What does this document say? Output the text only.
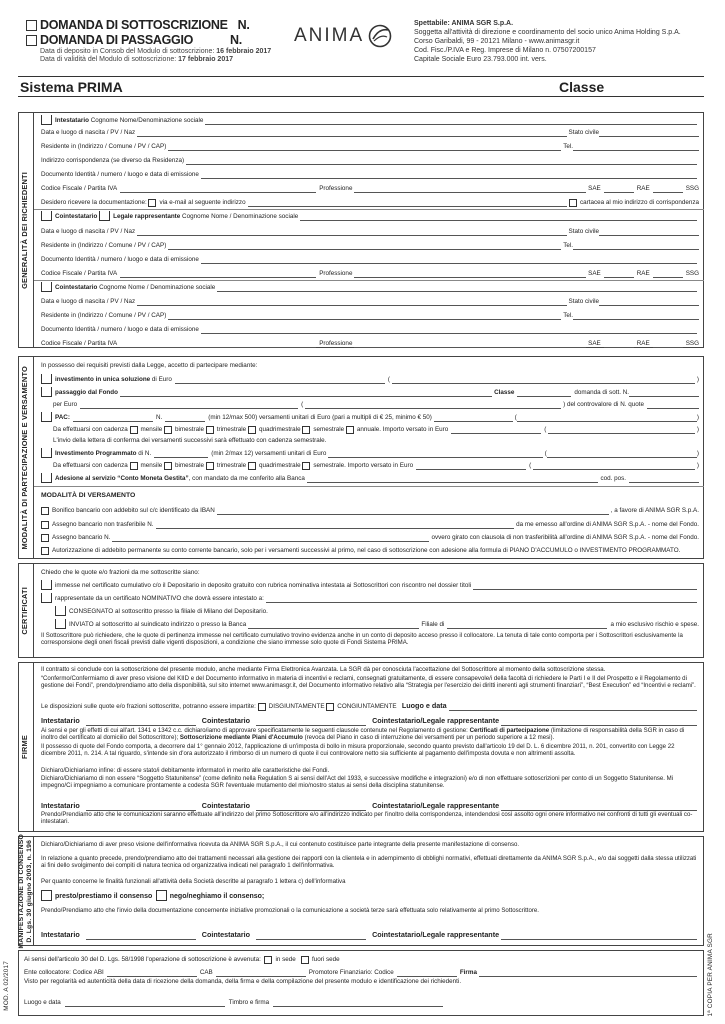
DOMANDA DI SOTTOSCRIZIONE N.
DOMANDA DI PASSAGGIO	N.
Data di deposito in Consob del Modulo di sottoscrizione: 16 febbraio 2017
Data di validità del Modulo di sottoscrizione: 17 febbraio 2017
ANIMA
Spettabile: ANIMA SGR S.p.A.
Soggetta all'attività di direzione e coordinamento del socio unico Anima Holding S.p.A.
Corso Garibaldi, 99 - 20121 Milano - www.animasgr.it
Cod. Fisc./P.IVA e Reg. Imprese di Milano n. 07507200157
Capitale Sociale Euro 23.793.000 int. vers.
Sistema PRIMA	Classe
GENERALITÀ DEI RICHIEDENTI
MODALITÀ DI PARTECIPAZIONE E VERSAMENTO
CERTIFICATI
FIRME
MANIFESTAZIONE DI CONSENSO
D. Lgs. 30 giugno 2003, n. 196
MOD. A 02/2017	1ª COPIA PER ANIMA SGR
Intestatario
Cognome Nome/Denominazione sociale
Data e luogo di nascita / PV / Naz	Stato civile
Residente in (Indirizzo / Comune / PV / CAP)	Tel.
Indirizzo corrispondenza (se diverso da Residenza)
Documento Identità / numero / luogo e data di emissione
Codice Fiscale / Partita IVA	Professione	SAE	RAE	SSG
Desidero ricevere la documentazione:
via e-mail al seguente indirizzo	cartacea al mio indirizzo di corrispondenza
Cointestatario
	Legale rappresentante
Cognome Nome / Denominazione sociale
Data e luogo di nascita / PV / Naz	Stato civile
Residente in (Indirizzo / Comune / PV / CAP)	Tel.
Documento Identità / numero / luogo e data di emissione
Codice Fiscale / Partita IVA	Professione	SAE	RAE	SSG
Cointestatario
Cognome Nome / Denominazione sociale
Data e luogo di nascita / PV / Naz	Stato civile
Residente in (Indirizzo / Comune / PV / CAP)	Tel.
Documento Identità / numero / luogo e data di emissione
Codice Fiscale / Partita IVA	Professione	SAE	RAE	SSG
In possesso dei requisiti previsti dalla Legge, accetto di partecipare mediante:
investimento in unica soluzione
di Euro	(	)
passaggio dal Fondo	Classe	domanda di sott. N.
per Euro	(	) del controvalore di N. quote
PAC:	N.	(min 12/max 500) versamenti unitari di Euro (pari a multipli di € 25, minimo € 50)	(	)
Da effettuarsi con cadenza
mensile
bimestrale
trimestrale
quadrimestrale
semestrale
annuale. Importo versato in Euro	(	)
L'invio della lettera di conferma dei versamenti successivi sarà effettuato con cadenza semestrale.
Investimento Programmato
di N.	(min 2/max 12) versamenti unitari di Euro	(	)
Da effettuarsi con cadenza
mensile
bimestrale
trimestrale
quadrimestrale
semestrale. Importo versato in Euro	(	)
Adesione al servizio “Conto Moneta Gestita” , con mandato da me conferito alla Banca	cod. pos.
MODALITÀ DI VERSAMENTO
Bonifico bancario con addebito sul c/c identificato da IBAN	, a favore di ANIMA SGR S.p.A.
Assegno bancario non trasferibile N.	da me emesso all'ordine di ANIMA SGR S.p.A. - nome del Fondo.
Assegno bancario N.	ovvero girato con clausola di non trasferibilità all'ordine di ANIMA SGR S.p.A. - nome del Fondo.
Autorizzazione di addebito permanente su conto corrente bancario, solo per i versamenti successivi al primo, nel caso di sottoscrizione con adesione alla formula di PIANO D'ACCUMULO o INVESTIMENTO PROGRAMMATO.
Chiedo che le quote e/o frazioni da me sottoscritte siano:
immesse nel certificato cumulativo c/o il Depositario in deposito gratuito con rubrica nominativa intestata ai Sottoscrittori con riscontro nel dossier titoli
rappresentate da un certificato NOMINATIVO che dovrà essere intestato a:
CONSEGNATO al sottoscritto presso la filiale di Milano del Depositario.
INVIATO al sottoscritto al suindicato indirizzo o presso la Banca	Filiale di	a mio esclusivo rischio e spese.
Il Sottoscrittore può richiedere, che le quote di pertinenza immesse nel certificato cumulativo trovino evidenza anche in un conto di deposito acceso presso il collocatore. La tenuta di tale conto comporta per i Sottoscrittori esclusivamente la corresponsione degli oneri fiscali previsti dalle vigenti disposizioni, a condizione che siano immesse solo quote di Fondi Sistema PRIMA.
Il contratto si conclude con la sottoscrizione del presente modulo, anche mediante Firma Elettronica Avanzata. La SGR dà per conosciuta l'accettazione del Sottoscrittore al momento della sottoscrizione stessa.
“Confermo/Confermiamo di aver preso visione del KIID e del Documento informativo in materia di incentivi e reclami, consegnati gratuitamente, di essere consapevole/i della facoltà di richiedere le Parti I e II del Prospetto e il Regolamento di gestione dei Fondi”, prendo/prendiamo atto della disponibilità, sul sito internet www.animasgr.it, del Documento informativo relativo alla “Strategia per l'esercizio dei diritti inerenti agli strumenti finanziari”, “Best Execution” ed “Incentivi e reclami”.
Le disposizioni sulle quote e/o frazioni sottoscritte, potranno essere impartite:
DISGIUNTAMENTE
CONGIUNTAMENTE
Luogo e data
Intestatario	Cointestatario	Cointestatario/Legale rappresentante
Ai sensi e per gli effetti di cui all'art. 1341 e 1342 c.c. dichiaro/iamo di approvare specificatamente le seguenti clausole contenute nel Regolamento di gestione: Certificati di partecipazione (limitazione di responsabilità della SGR in caso di inoltro del certificato al domicilio del Sottoscrittore); Sottoscrizione mediante Piani d'Accumulo (revoca del Piano in caso di interruzione dei versamenti per un periodo superiore a 12 mesi).
Il possesso di quote del Fondo comporta, a decorrere dal 1° gennaio 2012, l'applicazione di un'imposta di bollo in misura proporzionale, secondo quanto previsto dall'articolo 19 del D. L. 6 dicembre 2011, n. 201, convertito con Legge 22 dicembre 2011, n. 214. A tal riguardo, s'intende sin d'ora autorizzato il rimborso di un numero di quote il cui controvalore netto sia sufficiente al pagamento dell'imposta dovuta e non altrimenti assolta.
Dichiaro/Dichiariamo infine: di essere stato/i debitamente informato/i in merito alle caratteristiche dei Fondi.
Dichiaro/Dichiariamo di non essere “Soggetto Statunitense” (come definito nella Regulation S ai sensi dell'Act del 1933, e successive modifiche e integrazioni) e/o di non effettuare sottoscrizioni per conto di un Soggetto Statunitense. Mi impegno/Ci impegniamo a comunicare prontamente a codesta SGR l'eventuale mutamento del mio/nostro status ai sensi della disciplina statunitense.
Intestatario	Cointestatario	Cointestatario/Legale rappresentante
Prendo/Prendiamo atto che le comunicazioni saranno effettuate all'indirizzo del primo Sottoscrittore e/o all'indirizzo indicato per l'inoltro della corrispondenza, intendendosi così assolto ogni onere informativo nei confronti di tutti gli eventuali co-intestatari.
Dichiaro/Dichiariamo di aver preso visione dell'informativa ricevuta da ANIMA SGR S.p.A., il cui contenuto costituisce parte integrante della presente manifestazione di consenso.
In relazione a quanto precede, prendo/prendiamo atto dei trattamenti necessari alla gestione dei rapporti con la clientela e in adempimento di obblighi normativi, effettuati direttamente da ANIMA SGR S.p.A., e/o dai soggetti dalla stessa utilizzati ai fini dello svolgimento dei compiti di natura tecnica od organizzativa indicati nel paragrafo 1 dell'informativa.
Per quanto concerne le finalità funzionali all'attività della Società descritte al paragrafo 1 lettera c) dell'informativa
presto/prestiamo il consenso
	nego/neghiamo il consenso;
Prendo/Prendiamo atto che l'invio della documentazione concernente iniziative promozionali o la comunicazione a società terze sarà effettuata solo relativamente al primo Sottoscrittore.
Intestatario	Cointestatario	Cointestatario/Legale rappresentante
Ai sensi dell'articolo 30 del D. Lgs. 58/1998 l'operazione di sottoscrizione è avvenuta:
in sede
	fuori sede
Ente collocatore: Codice ABI	CAB	Promotore Finanziario: Codice	Firma
Visto per regolarità ed autenticità della data di ricezione della domanda, della firma e della compilazione del presente modulo e identificazione dei richiedenti.
Luogo e data	Timbro e firma
